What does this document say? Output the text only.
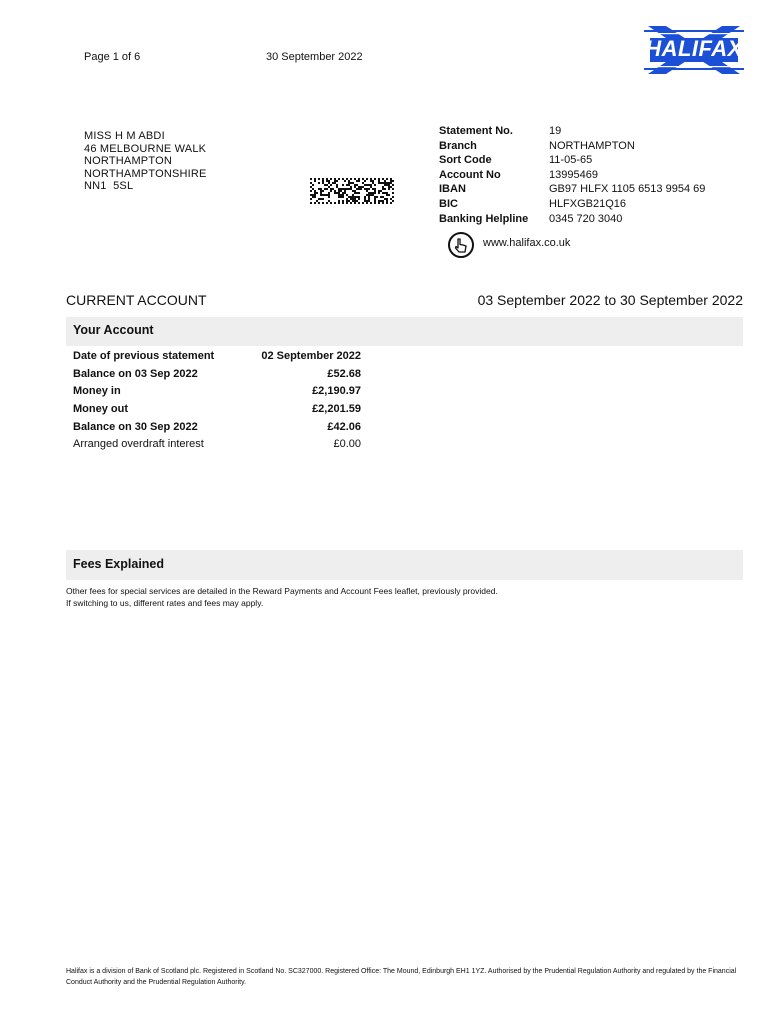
Page 1 of 6	30 September 2022	HALIFAX
MISS H M ABDI
46 MELBOURNE WALK
NORTHAMPTON
NORTHAMPTONSHIRE
NN1  5SL
Statement No.	19
Branch	NORTHAMPTON
Sort Code	11-05-65
Account No	13995469
IBAN	GB97 HLFX 1105 6513 9954 69
BIC	HLFXGB21Q16
Banking Helpline	0345 720 3040
www.halifax.co.uk
CURRENT ACCOUNT	03 September 2022 to 30 September 2022
Your Account
Date of previous statement	02 September 2022
Balance on 03 Sep 2022	£52.68
Money in	£2,190.97
Money out	£2,201.59
Balance on 30 Sep 2022	£42.06
Arranged overdraft interest	£0.00
Fees Explained
Other fees for special services are detailed in the Reward Payments and Account Fees leaflet, previously provided.
If switching to us, different rates and fees may apply.
Halifax is a division of Bank of Scotland plc. Registered in Scotland No. SC327000. Registered Office: The Mound, Edinburgh EH1 1YZ. Authorised by the Prudential Regulation Authority and regulated by the Financial Conduct Authority and the Prudential Regulation Authority.
